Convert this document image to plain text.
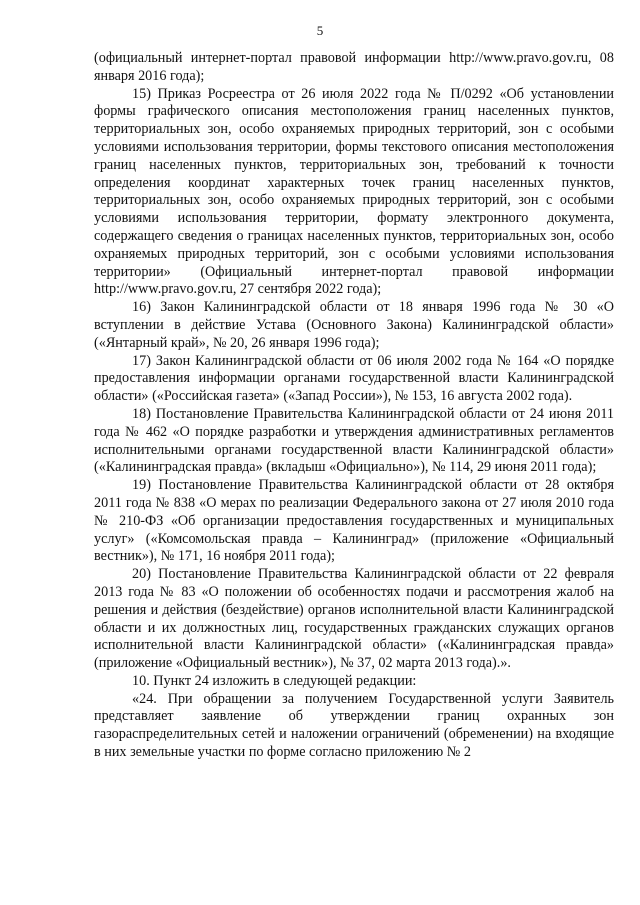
5

(официальный интернет-портал правовой информации http://www.pravo.gov.ru, 08 января 2016 года);

15) Приказ Росреестра от 26 июля 2022 года № П/0292 «Об установлении формы графического описания местоположения границ населенных пунктов, территориальных зон, особо охраняемых природных территорий, зон с особыми условиями использования территории, формы текстового описания местоположения границ населенных пунктов, территориальных зон, требований к точности определения координат характерных точек границ населенных пунктов, территориальных зон, особо охраняемых природных территорий, зон с особыми условиями использования территории, формату электронного документа, содержащего сведения о границах населенных пунктов, территориальных зон, особо охраняемых природных территорий, зон с особыми условиями использования территории» (Официальный интернет-портал правовой информации http://www.pravo.gov.ru, 27 сентября 2022 года);

16) Закон Калининградской области от 18 января 1996 года № 30 «О вступлении в действие Устава (Основного Закона) Калининградской области» («Янтарный край», № 20, 26 января 1996 года);

17) Закон Калининградской области от 06 июля 2002 года № 164 «О порядке предоставления информации органами государственной власти Калининградской области» («Российская газета» («Запад России»), № 153, 16 августа 2002 года).

18) Постановление Правительства Калининградской области от 24 июня 2011 года № 462 «О порядке разработки и утверждения административных регламентов исполнительными органами государственной власти Калининградской области» («Калининградская правда» (вкладыш «Официально»), № 114, 29 июня 2011 года);

19) Постановление Правительства Калининградской области от 28 октября 2011 года № 838 «О мерах по реализации Федерального закона от 27 июля 2010 года № 210-ФЗ «Об организации предоставления государственных и муниципальных услуг» («Комсомольская правда – Калининград» (приложение «Официальный вестник»), № 171, 16 ноября 2011 года);

20) Постановление Правительства Калининградской области от 22 февраля 2013 года № 83 «О положении об особенностях подачи и рассмотрения жалоб на решения и действия (бездействие) органов исполнительной власти Калининградской области и их должностных лиц, государственных гражданских служащих органов исполнительной власти Калининградской области» («Калининградская правда» (приложение «Официальный вестник»), № 37, 02 марта 2013 года).».

10. Пункт 24 изложить в следующей редакции:

«24. При обращении за получением Государственной услуги Заявитель представляет заявление об утверждении границ охранных зон газораспределительных сетей и наложении ограничений (обременении) на входящие в них земельные участки по форме согласно приложению № 2
